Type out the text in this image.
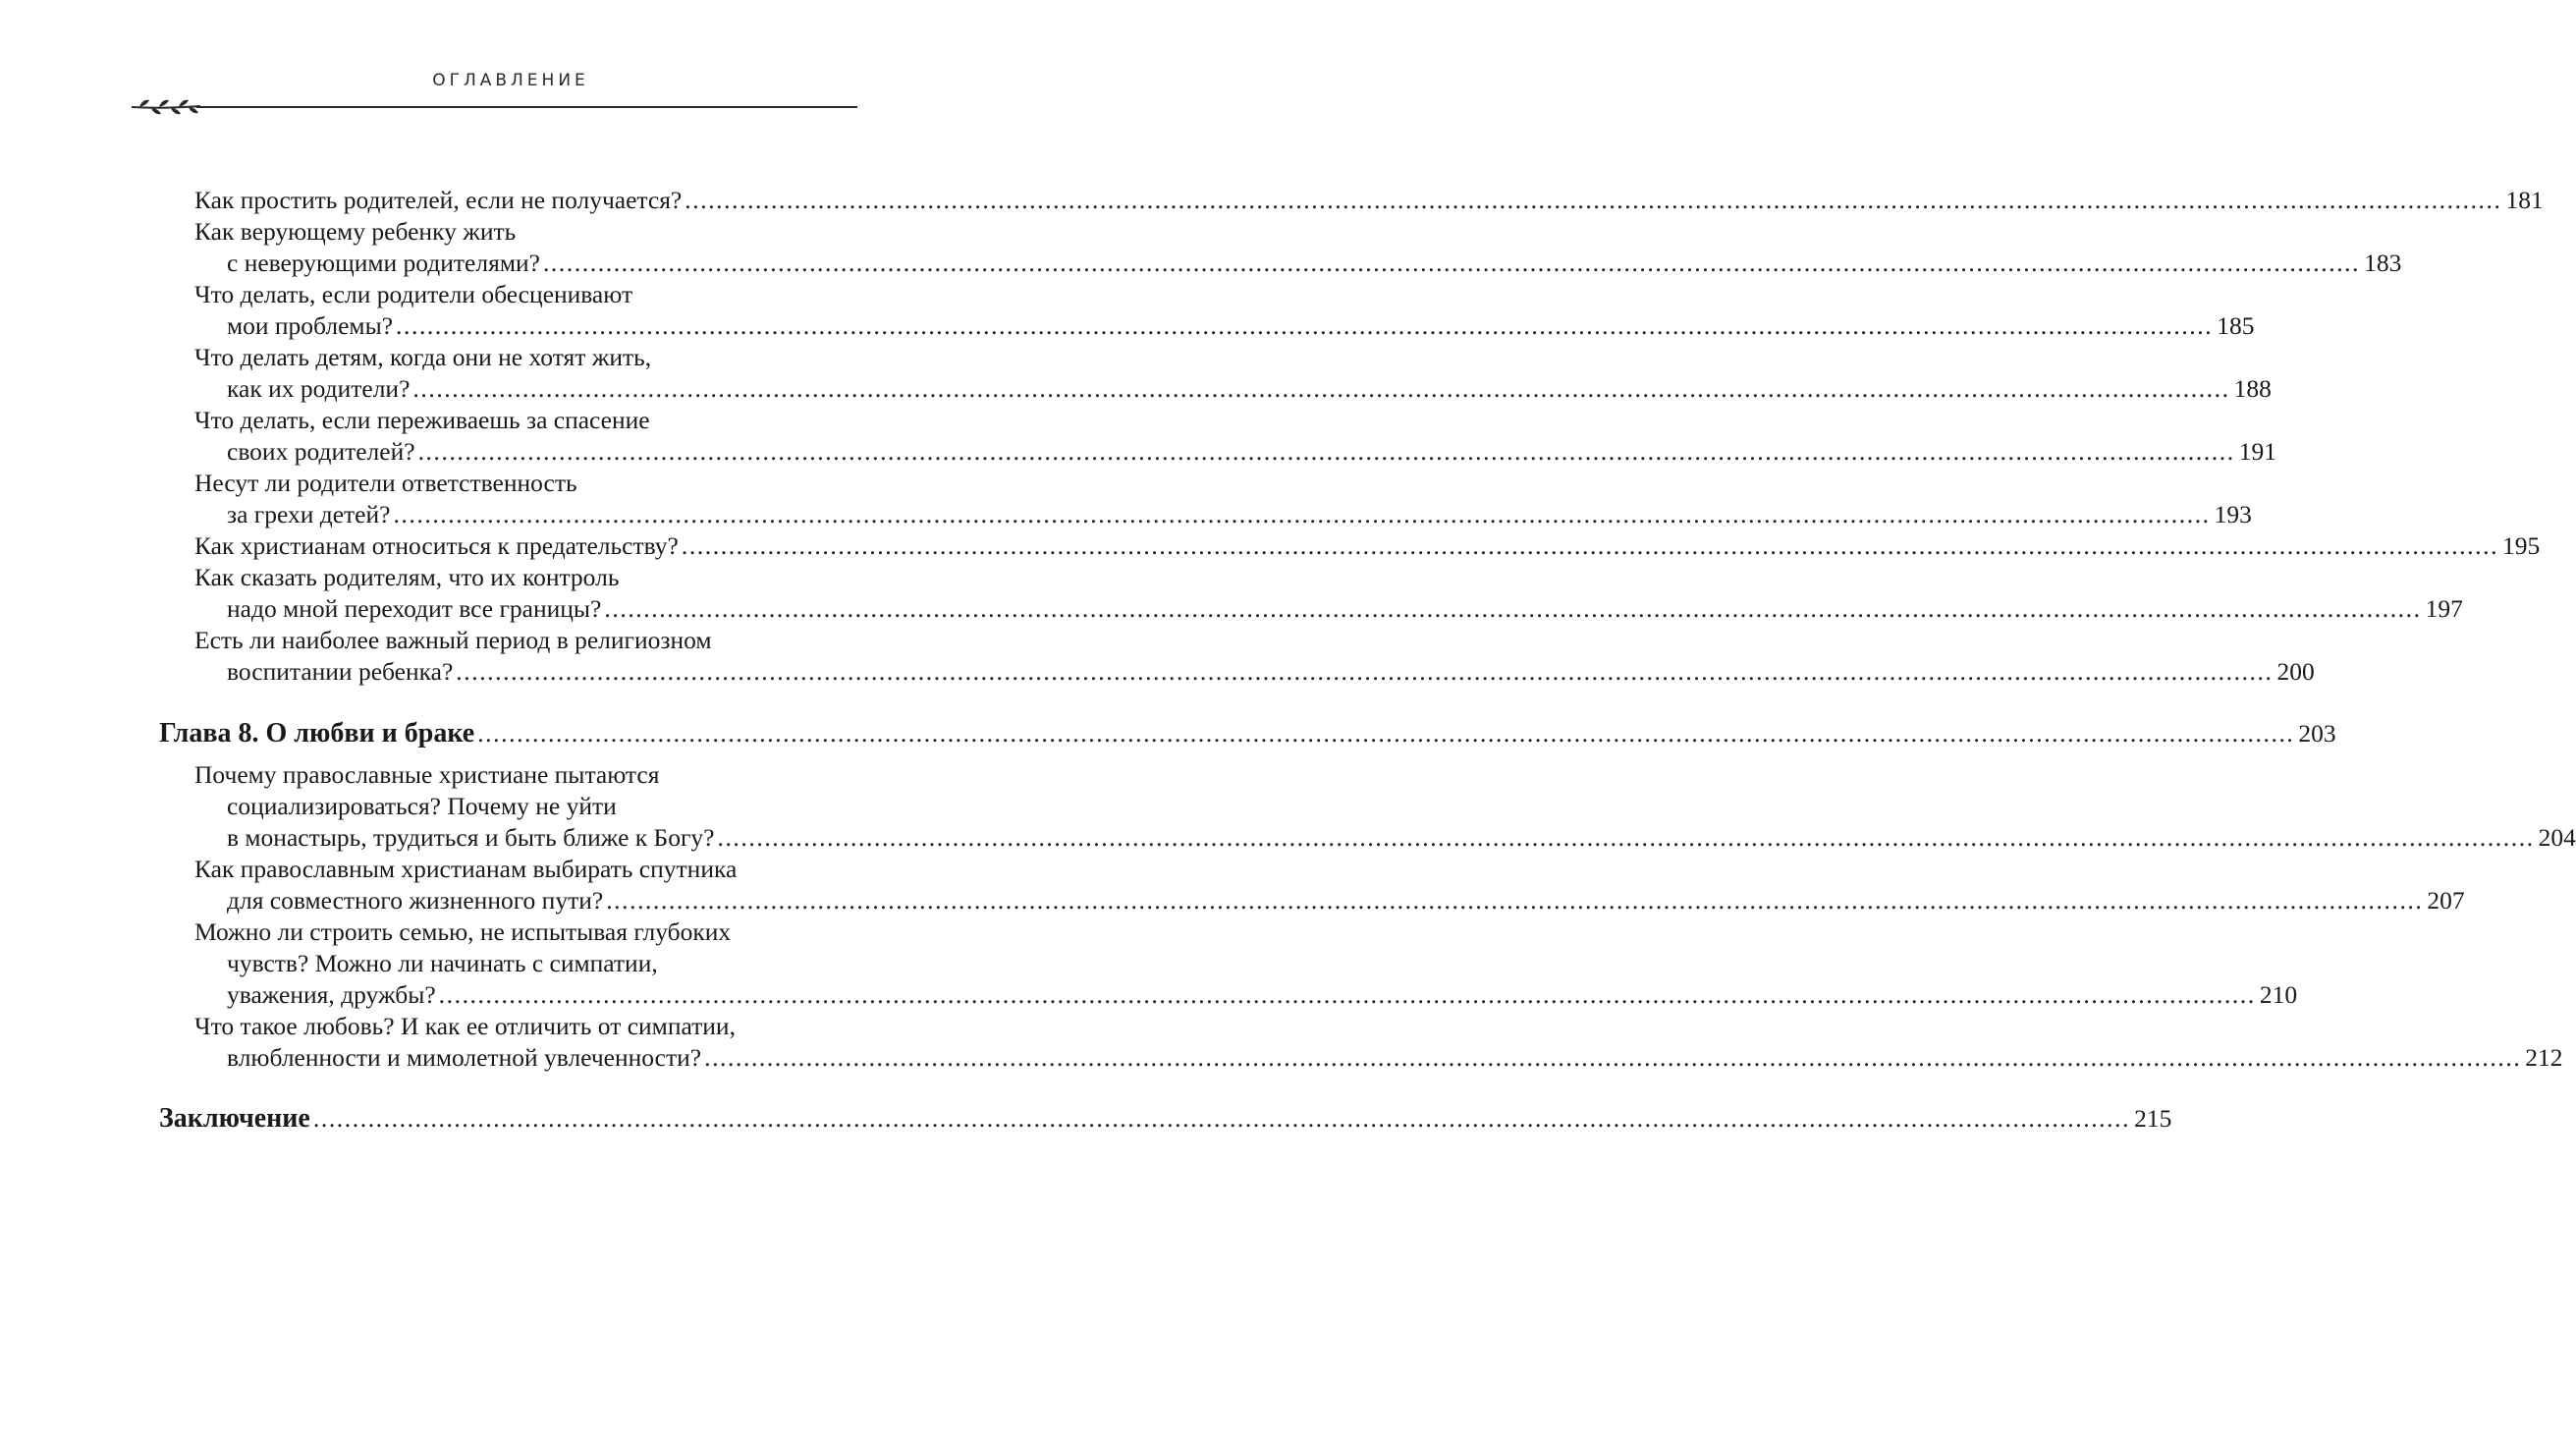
ОГЛАВЛЕНИЕ
Как простить родителей, если не получается? .....	181
Как верующему ребенку жить
с неверующими родителями? .....	183
Что делать, если родители обесценивают
мои проблемы? .....	185
Что делать детям, когда они не хотят жить,
как их родители? .....	188
Что делать, если переживаешь за спасение
своих родителей? .....	191
Несут ли родители ответственность
за грехи детей? .....	193
Как христианам относиться к предательству? .....	195
Как сказать родителям, что их контроль
надо мной переходит все границы? .....	197
Есть ли наиболее важный период в религиозном
воспитании ребенка? .....	200
Глава 8. О любви и браке .....	203
Почему православные христиане пытаются
социализироваться? Почему не уйти
в монастырь, трудиться и быть ближе к Богу? .....	204
Как православным христианам выбирать спутника
для совместного жизненного пути? .....	207
Можно ли строить семью, не испытывая глубоких
чувств? Можно ли начинать с симпатии,
уважения, дружбы? .....	210
Что такое любовь? И как ее отличить от симпатии,
влюбленности и мимолетной увлеченности? .....	212
Заключение .....	215
